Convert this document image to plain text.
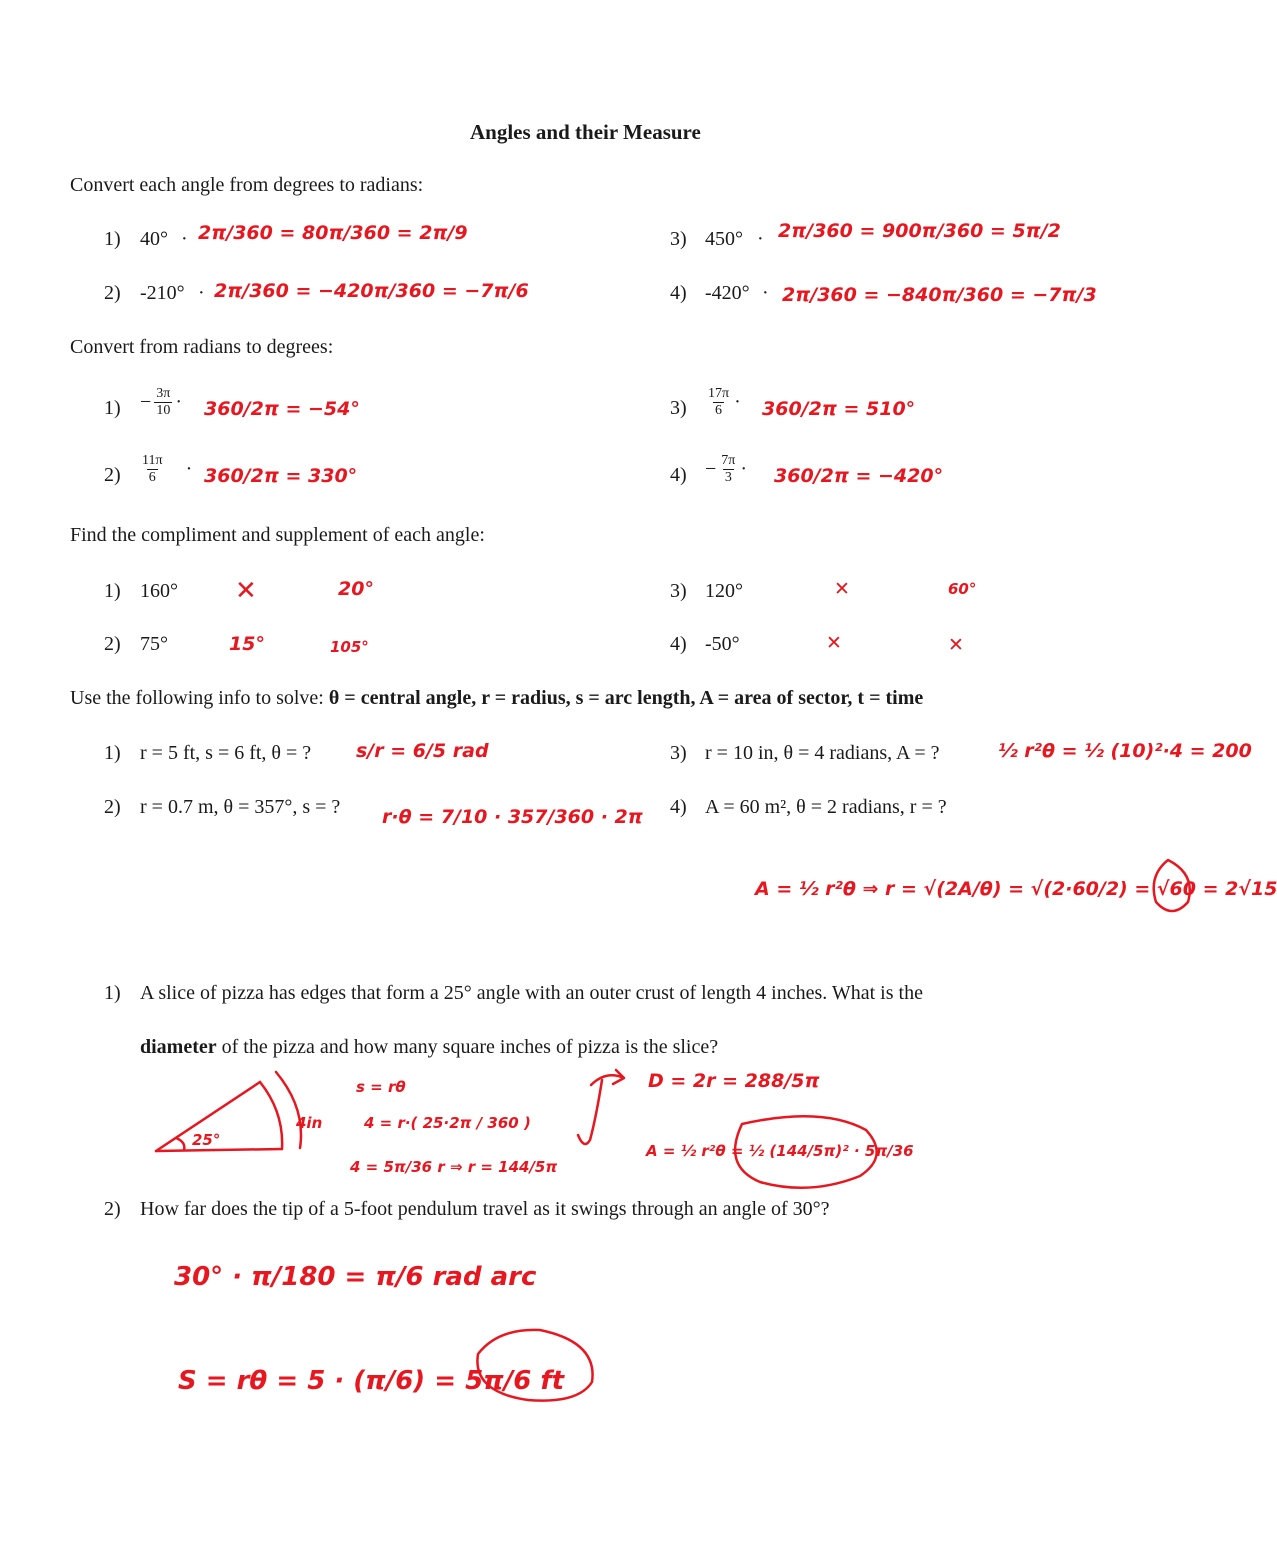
Angles and their Measure
Convert each angle from degrees to radians:
1) 40° · 2π/360 = 80π/360 = 2π/9
2) -210° · 2π/360 = −420π/360 = −7π/6
3) 450° · 2π/360 = 900π/360 = 5π/2
4) -420° · 2π/360 = −840π/360 = −7π/3
Convert from radians to degrees:
$1) - \frac{3\pi}{10} \cdot 360/2\pi = -54^\circ$
$2) \frac{11\pi}{6} \cdot 360/2\pi = 330^\circ$
$3) \frac{17\pi}{6} \cdot 360/2\pi = 510^\circ$
$4) - \frac{7\pi}{3} \cdot 360/2\pi = -420^\circ$
Find the compliment and supplement of each angle:
1) 160° ✕	20°
2) 75°	15°	105°
3) 120°	✕	60°
4) -50°	✕	✕
Use the following info to solve: θ = central angle, r = radius, s = arc length, A = area of sector, t = time
1) r = 5 ft, s = 6 ft, θ = ? s/r = 6/5 rad
2) r = 0.7 m, θ = 357°, s = ? r·θ = 7/10 · 357/360 · 2π
3) r = 10 in, θ = 4 radians, A = ?	½ r²θ = ½ (10)²·4 = 200
4) A = 60 m², θ = 2 radians, r = ?
A = ½ r²θ ⇒ r = √(2A/θ) = √(2·60/2) = √60 = 2√15
1) A slice of pizza has edges that form a 25° angle with an outer crust of length 4 inches. What is the
diameter of the pizza and how many square inches of pizza is the slice?
25°
4in
s = rθ
4 = r·( 25·2π / 360 )
4 = 5π/36 r ⇒ r = 144/5π
D = 2r = 288/5π
A = ½ r²θ = ½ (144/5π)² · 5π/36
2) How far does the tip of a 5-foot pendulum travel as it swings through an angle of 30°?
30° · π/180 = π/6 rad arc
S = rθ = 5 · (π/6) = 5π/6 ft
